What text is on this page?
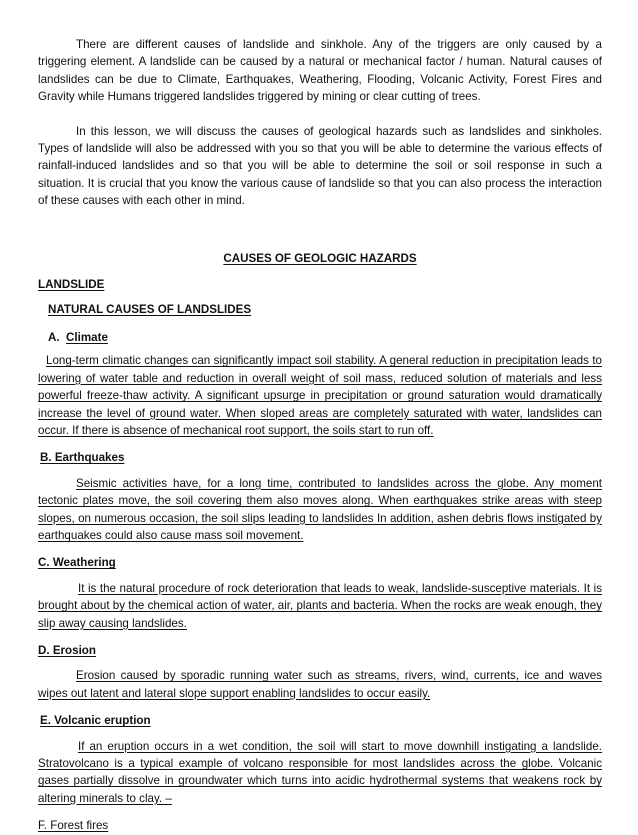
There are different causes of landslide and sinkhole. Any of the triggers are only caused by a triggering element. A landslide can be caused by a natural or mechanical factor / human. Natural causes of landslides can be due to Climate, Earthquakes, Weathering, Flooding, Volcanic Activity, Forest Fires and Gravity while Humans triggered landslides triggered by mining or clear cutting of trees.

In this lesson, we will discuss the causes of geological hazards such as landslides and sinkholes. Types of landslide will also be addressed with you so that you will be able to determine the various effects of rainfall-induced landslides and so that you will be able to determine the soil or soil response in such a situation. It is crucial that you know the various cause of landslide so that you can also process the interaction of these causes with each other in mind.

CAUSES OF GEOLOGIC HAZARDS

LANDSLIDE

NATURAL CAUSES OF LANDSLIDES

A. Climate

Long-term climatic changes can significantly impact soil stability. A general reduction in precipitation leads to lowering of water table and reduction in overall weight of soil mass, reduced solution of materials and less powerful freeze-thaw activity. A significant upsurge in precipitation or ground saturation would dramatically increase the level of ground water. When sloped areas are completely saturated with water, landslides can occur. If there is absence of mechanical root support, the soils start to run off.

B. Earthquakes

Seismic activities have, for a long time, contributed to landslides across the globe. Any moment tectonic plates move, the soil covering them also moves along. When earthquakes strike areas with steep slopes, on numerous occasion, the soil slips leading to landslides In addition, ashen debris flows instigated by earthquakes could also cause mass soil movement.

C. Weathering

It is the natural procedure of rock deterioration that leads to weak, landslide-susceptive materials. It is brought about by the chemical action of water, air, plants and bacteria. When the rocks are weak enough, they slip away causing landslides.

D. Erosion

Erosion caused by sporadic running water such as streams, rivers, wind, currents, ice and waves wipes out latent and lateral slope support enabling landslides to occur easily.

E. Volcanic eruption

If an eruption occurs in a wet condition, the soil will start to move downhill instigating a landslide. Stratovolcano is a typical example of volcano responsible for most landslides across the globe. Volcanic gases partially dissolve in groundwater which turns into acidic hydrothermal systems that weakens rock by altering minerals to clay. –

F. Forest fires
